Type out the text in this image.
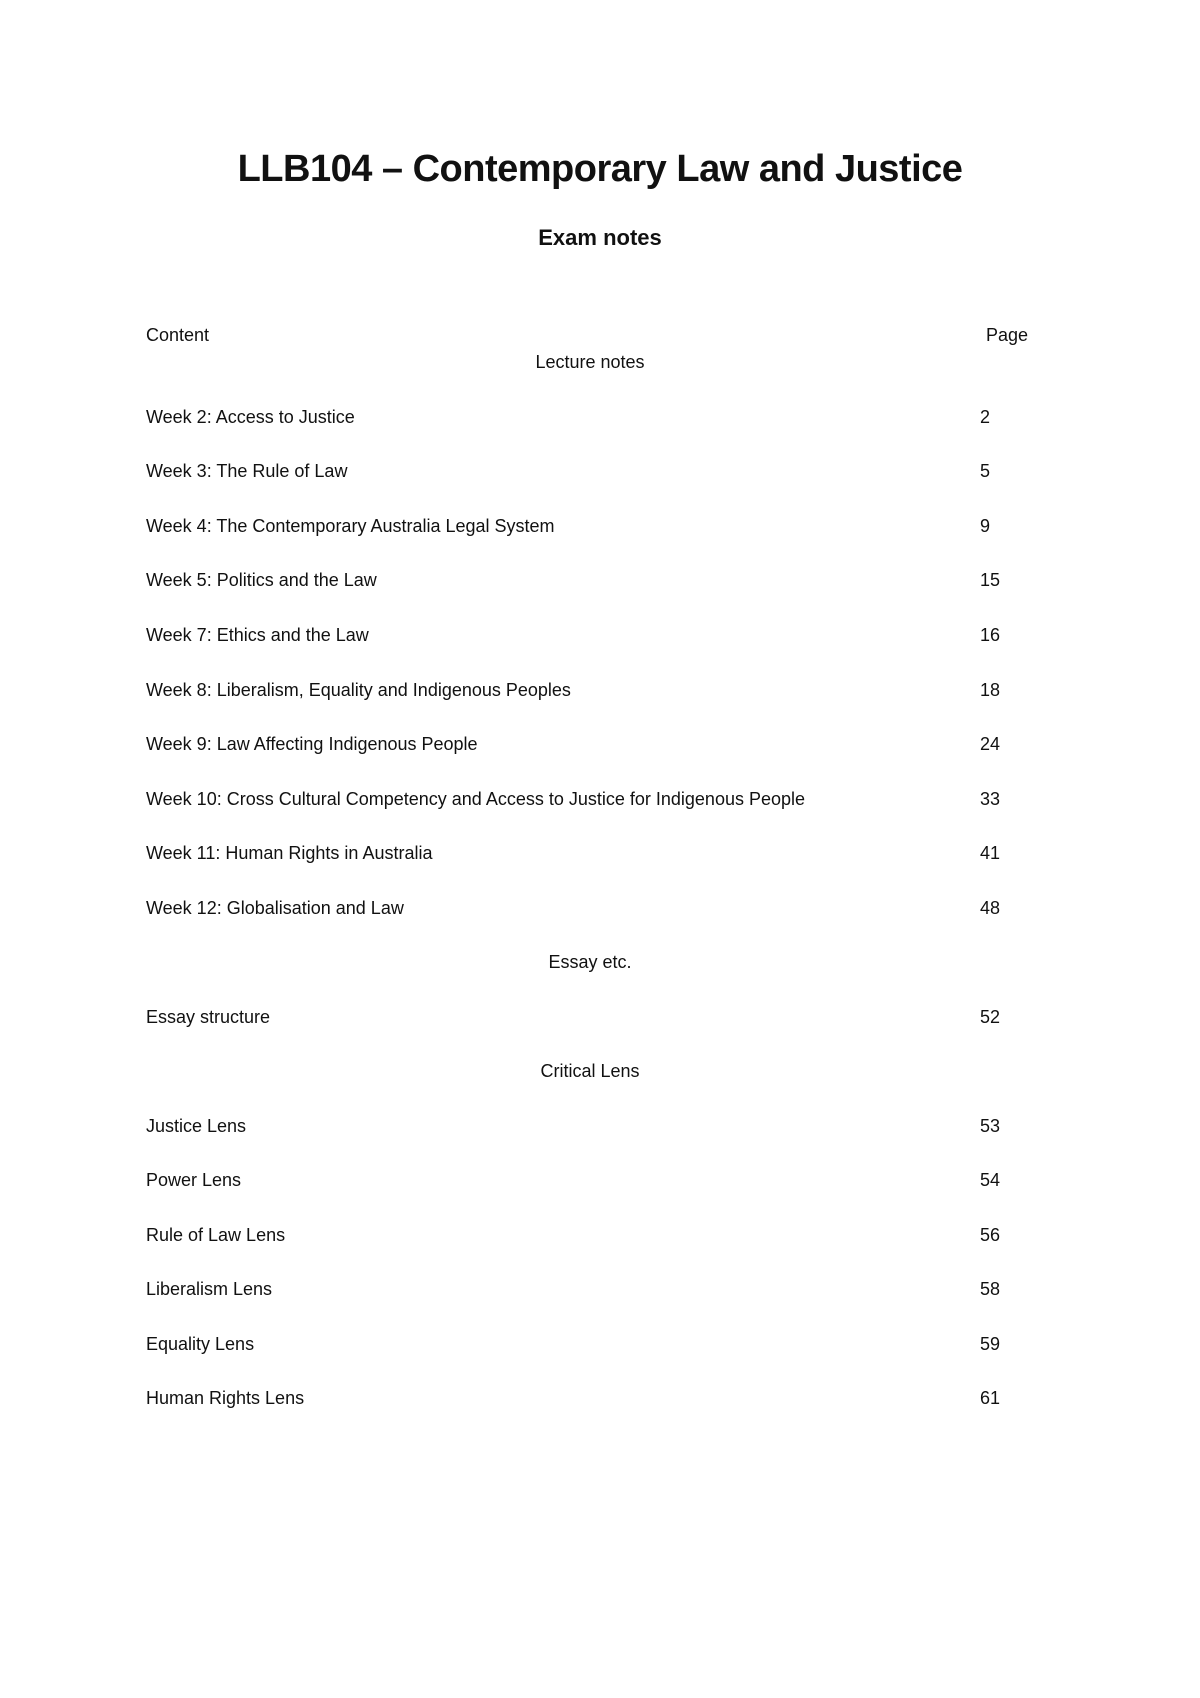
LLB104 – Contemporary Law and Justice
Exam notes
Content	Page
Lecture notes
Week 2: Access to Justice	2
Week 3: The Rule of Law	5
Week 4: The Contemporary Australia Legal System	9
Week 5: Politics and the Law	15
Week 7: Ethics and the Law	16
Week 8: Liberalism, Equality and Indigenous Peoples	18
Week 9: Law Affecting Indigenous People	24
Week 10: Cross Cultural Competency and Access to Justice for Indigenous People	33
Week 11: Human Rights in Australia	41
Week 12: Globalisation and Law	48
Essay etc.
Essay structure	52
Critical Lens
Justice Lens	53
Power Lens	54
Rule of Law Lens	56
Liberalism Lens	58
Equality Lens	59
Human Rights Lens	61
